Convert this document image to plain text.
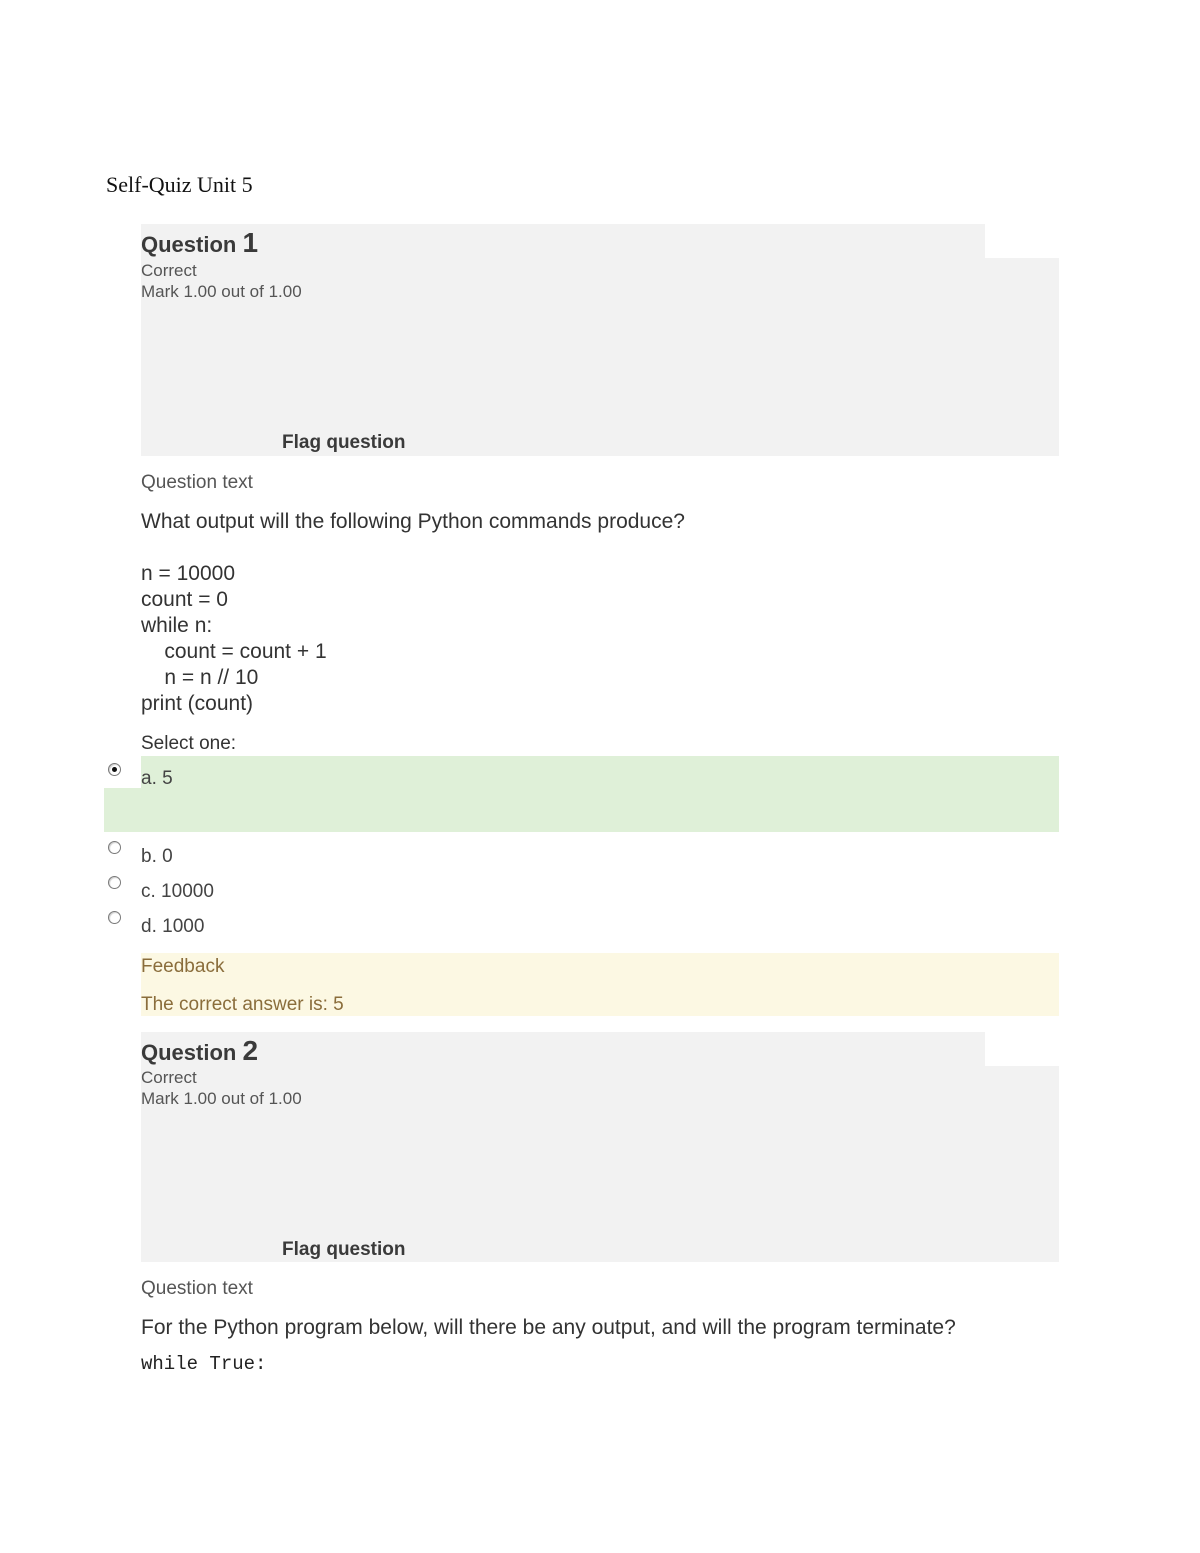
Self-Quiz Unit 5
Question 1
Correct
Mark 1.00 out of 1.00
Flag question
Question text
What output will the following Python commands produce?
n = 10000
count = 0
while n:
count = count + 1
n = n // 10
print (count)
Select one:
a. 5
b. 0
c. 10000
d. 1000
Feedback
The correct answer is: 5
Question 2
Correct
Mark 1.00 out of 1.00
Flag question
Question text
For the Python program below, will there be any output, and will the program terminate?
while True:
